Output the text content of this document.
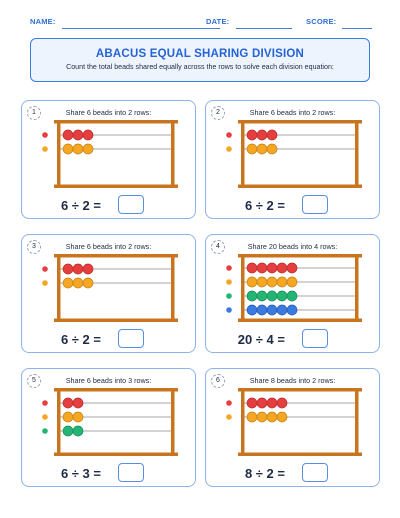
NAME:	DATE:	SCORE:
ABACUS EQUAL SHARING DIVISION
Count the total beads shared equally across the rows to solve each division equation:
1	Share 6 beads into 2 rows:
6 ÷ 2 =
2	Share 6 beads into 2 rows:
6 ÷ 2 =
3	Share 6 beads into 2 rows:
6 ÷ 2 =
4	Share 20 beads into 4 rows:
20 ÷ 4 =
5	Share 6 beads into 3 rows:
6 ÷ 3 =
6	Share 8 beads into 2 rows:
8 ÷ 2 =
